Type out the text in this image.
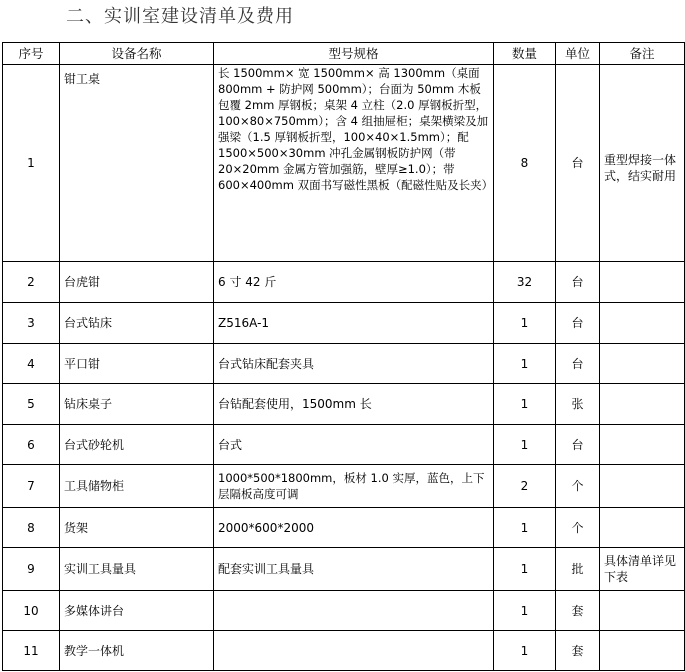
二、实训室建设清单及费用
序号	设备名称	型号规格	数量	单位	备注
1	钳工桌	长 1500mm× 宽 1500mm× 高 1300mm（桌面 800mm + 防护网 500mm）；台面为 50mm 木板包覆 2mm 厚钢板；桌架 4 立柱（2.0 厚钢板折型，100×80×750mm）；含 4 组抽屉柜；桌架横梁及加强梁（1.5 厚钢板折型，100×40×1.5mm）；配 1500×500×30mm 冲孔金属钢板防护网（带 20×20mm 金属方管加强筋，壁厚≥1.0）；带 600×400mm 双面书写磁性黑板（配磁性贴及长夹）	8	台	重型焊接一体式，结实耐用
2	台虎钳	6 寸 42 斤	32	台	
3	台式钻床	Z516A-1	1	台	
4	平口钳	台式钻床配套夹具	1	台	
5	钻床桌子	台钻配套使用，1500mm 长	1	张	
6	台式砂轮机	台式	1	台	
7	工具储物柜	1000*500*1800mm，板材 1.0 实厚，蓝色，上下层隔板高度可调	2	个	
8	货架	2000*600*2000	1	个	
9	实训工具量具	配套实训工具量具	1	批	具体清单详见下表
10	多媒体讲台		1	套	
11	教学一体机		1	套	
